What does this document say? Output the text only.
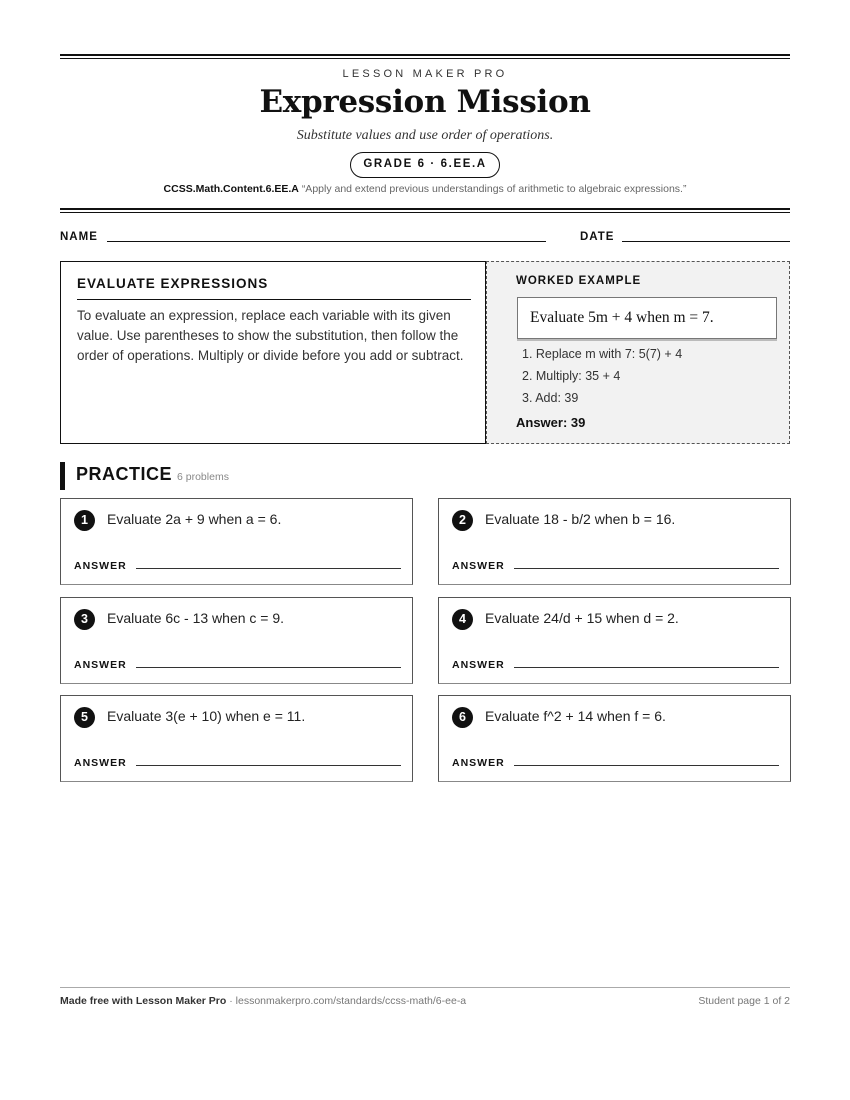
LESSON MAKER PRO
Expression Mission
Substitute values and use order of operations.
GRADE 6 · 6.EE.A
CCSS.Math.Content.6.EE.A “Apply and extend previous understandings of arithmetic to algebraic expressions.”
NAME	DATE
EVALUATE EXPRESSIONS
To evaluate an expression, replace each variable with its given value. Use parentheses to show the substitution, then follow the order of operations. Multiply or divide before you add or subtract.
WORKED EXAMPLE
Evaluate 5m + 4 when m = 7.
1. Replace m with 7: 5(7) + 4
2. Multiply: 35 + 4
3. Add: 39
Answer: 39
PRACTICE 6 problems
1	Evaluate 2a + 9 when a = 6.
ANSWER
2	Evaluate 18 - b/2 when b = 16.
ANSWER
3	Evaluate 6c - 13 when c = 9.
ANSWER
4	Evaluate 24/d + 15 when d = 2.
ANSWER
5	Evaluate 3(e + 10) when e = 11.
ANSWER
6	Evaluate f^2 + 14 when f = 6.
ANSWER
Made free with Lesson Maker Pro · lessonmakerpro.com/standards/ccss-math/6-ee-a	Student page 1 of 2
